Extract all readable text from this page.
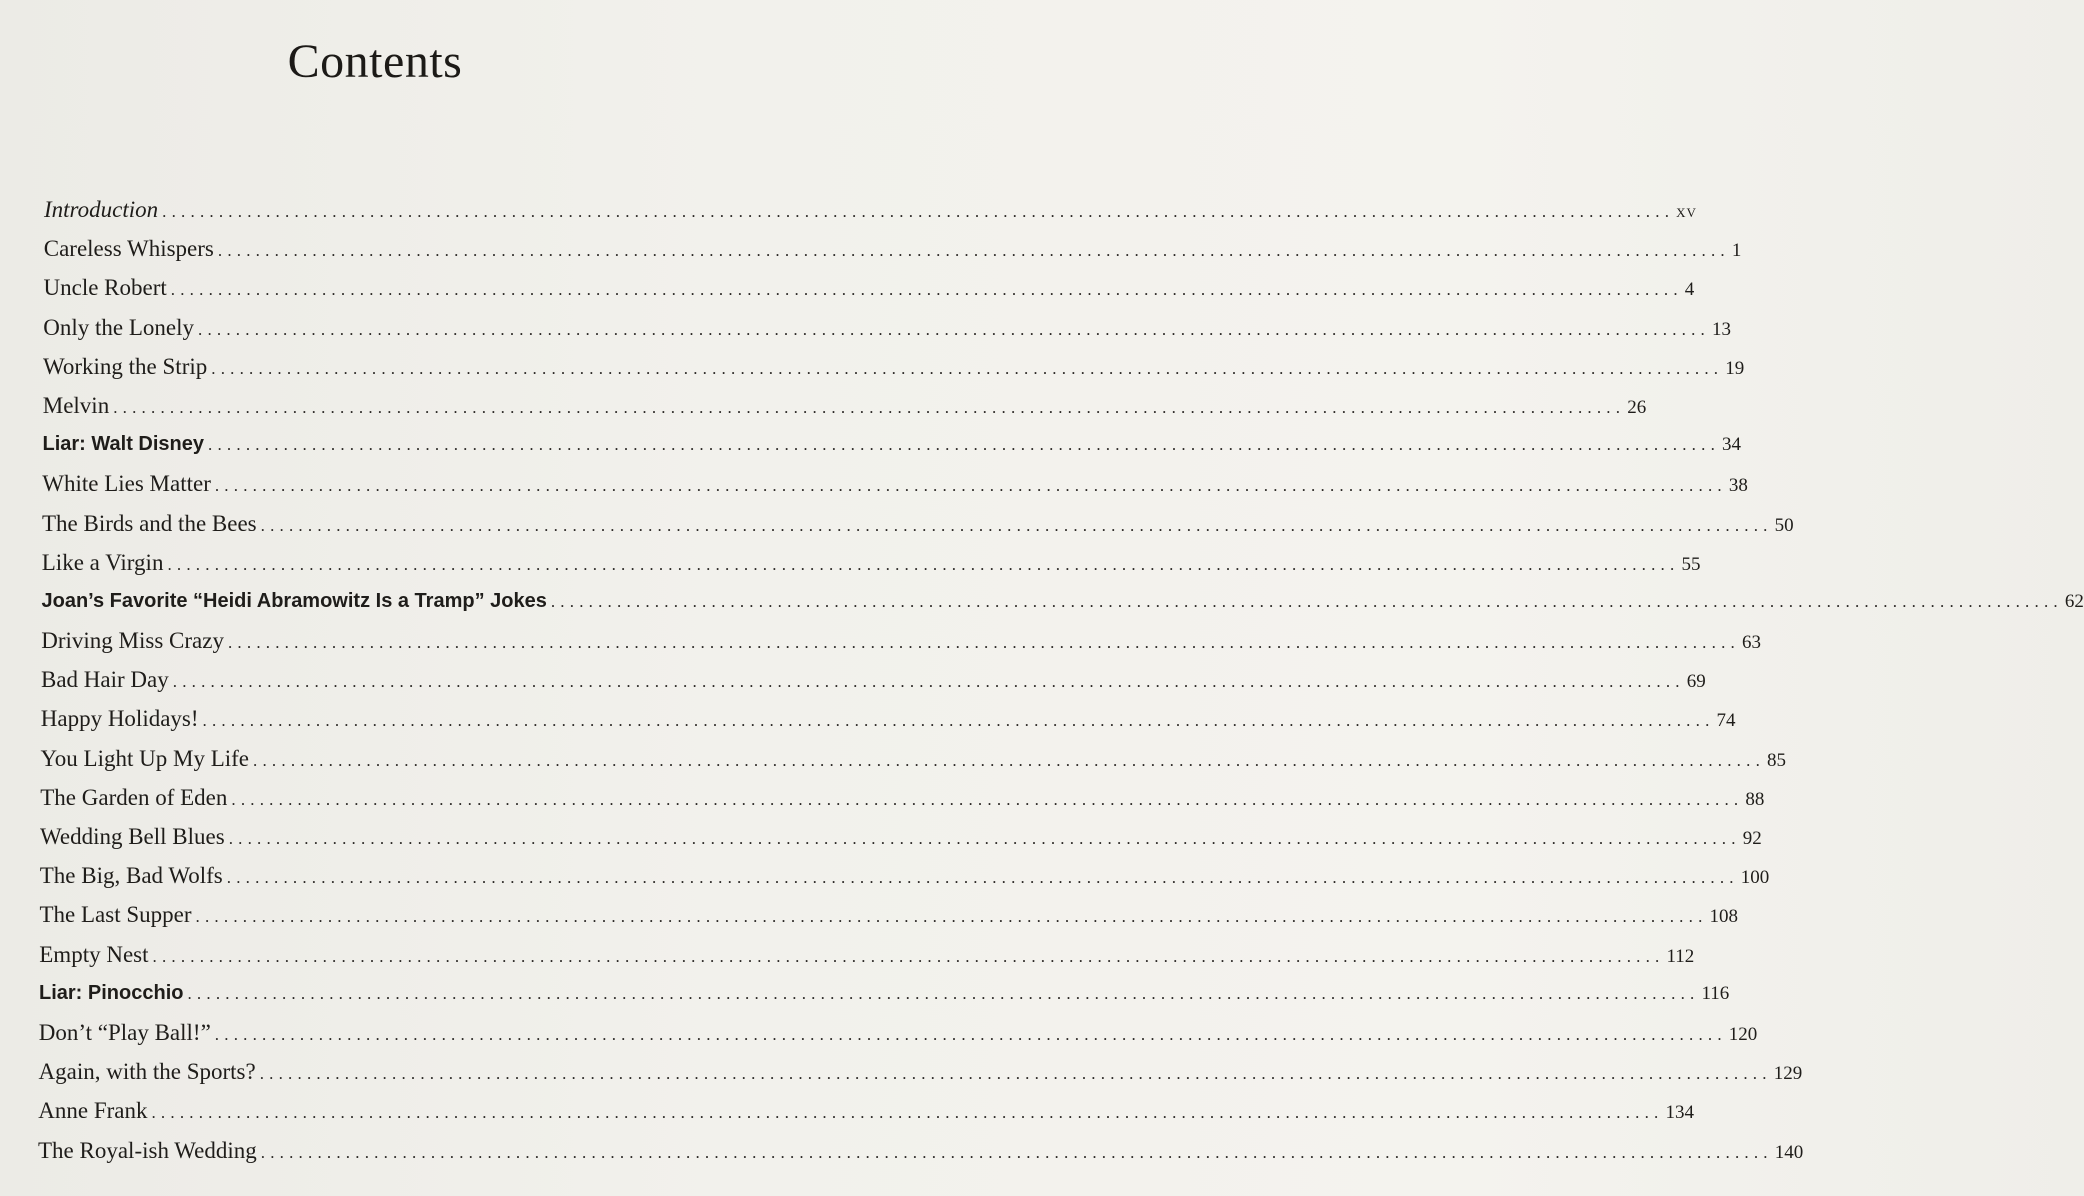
Contents
Introduction ................................................................................................................................................................ xv
Careless Whispers ................................................................................................................................................................ 1
Uncle Robert ................................................................................................................................................................ 4
Only the Lonely ................................................................................................................................................................ 13
Working the Strip ................................................................................................................................................................ 19
Melvin ................................................................................................................................................................ 26
Liar: Walt Disney ................................................................................................................................................................ 34
White Lies Matter ................................................................................................................................................................ 38
The Birds and the Bees ................................................................................................................................................................ 50
Like a Virgin ................................................................................................................................................................ 55
Joan’s Favorite “Heidi Abramowitz Is a Tramp” Jokes ................................................................................................................................................................ 62
Driving Miss Crazy ................................................................................................................................................................ 63
Bad Hair Day ................................................................................................................................................................ 69
Happy Holidays! ................................................................................................................................................................ 74
You Light Up My Life ................................................................................................................................................................ 85
The Garden of Eden ................................................................................................................................................................ 88
Wedding Bell Blues ................................................................................................................................................................ 92
The Big, Bad Wolfs ................................................................................................................................................................ 100
The Last Supper ................................................................................................................................................................ 108
Empty Nest ................................................................................................................................................................ 112
Liar: Pinocchio ................................................................................................................................................................ 116
Don’t “Play Ball!” ................................................................................................................................................................ 120
Again, with the Sports? ................................................................................................................................................................ 129
Anne Frank ................................................................................................................................................................ 134
The Royal-ish Wedding ................................................................................................................................................................ 140
